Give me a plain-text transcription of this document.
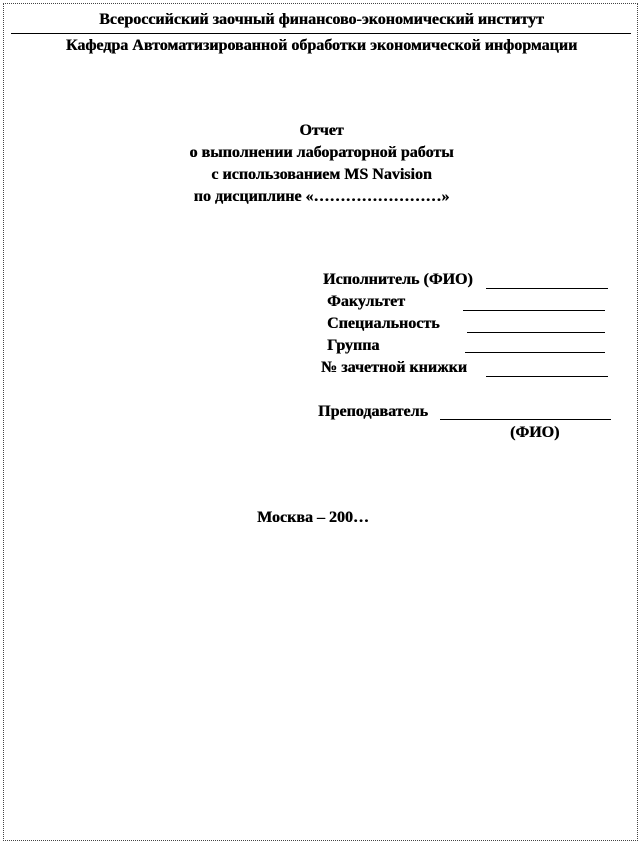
Всероссийский заочный финансово-экономический институт
Кафедра Автоматизированной обработки экономической информации
Отчет
о выполнении лабораторной работы
с использованием MS Navision
по дисциплине «……………………»
Исполнитель (ФИО)
Факультет
Специальность
Группа
№ зачетной книжки
Преподаватель
(ФИО)
Москва – 200…
